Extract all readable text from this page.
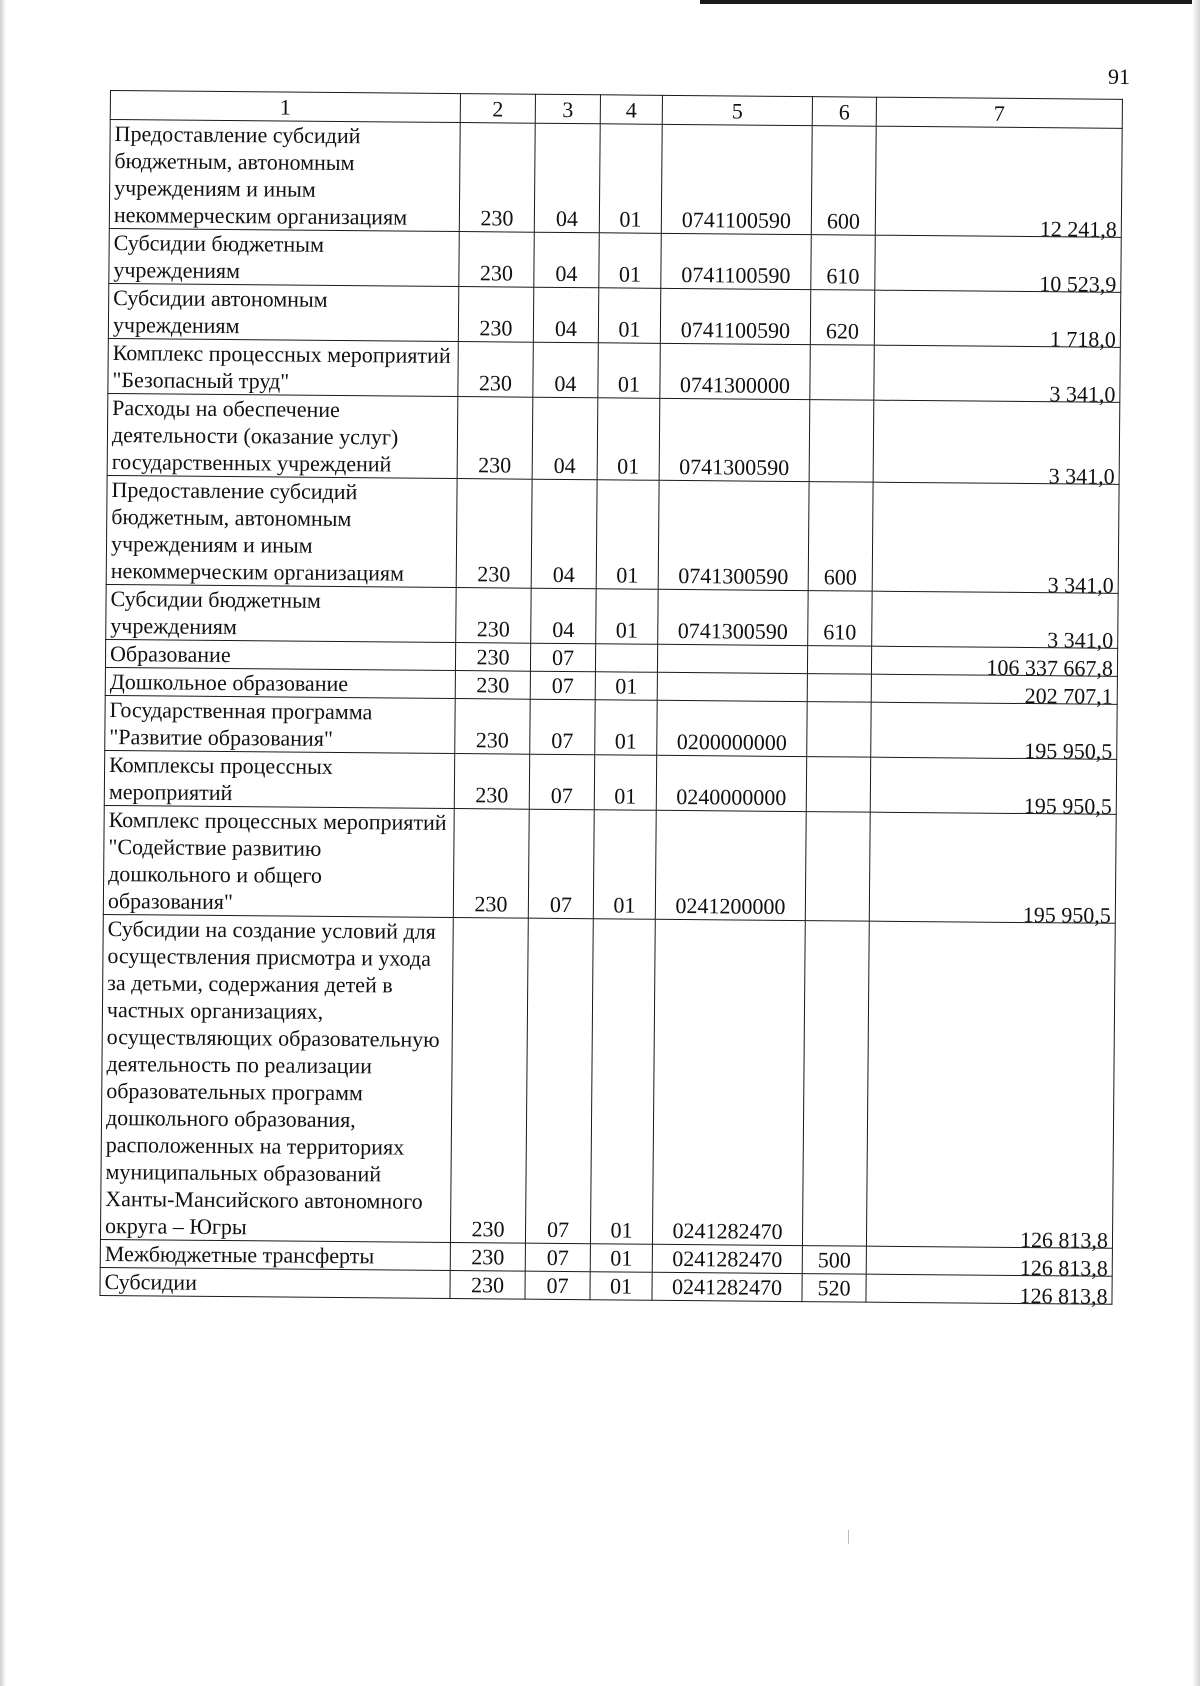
91
1	2	3	4	5	6	7
Предоставление субсидий бюджетным, автономным учреждениям и иным некоммерческим организациям	230	04	01	0741100590	600	12 241,8
Субсидии бюджетным учреждениям	230	04	01	0741100590	610	10 523,9
Субсидии автономным учреждениям	230	04	01	0741100590	620	1 718,0
Комплекс процессных мероприятий "Безопасный труд"	230	04	01	0741300000		3 341,0
Расходы на обеспечение деятельности (оказание услуг) государственных учреждений	230	04	01	0741300590		3 341,0
Предоставление субсидий бюджетным, автономным учреждениям и иным некоммерческим организациям	230	04	01	0741300590	600	3 341,0
Субсидии бюджетным учреждениям	230	04	01	0741300590	610	3 341,0
Образование	230	07				106 337 667,8
Дошкольное образование	230	07	01			202 707,1
Государственная программа "Развитие образования"	230	07	01	0200000000		195 950,5
Комплексы процессных мероприятий	230	07	01	0240000000		195 950,5
Комплекс процессных мероприятий "Содействие развитию дошкольного и общего образования"	230	07	01	0241200000		195 950,5
Субсидии на создание условий для осуществления присмотра и ухода за детьми, содержания детей в частных организациях, осуществляющих образовательную деятельность по реализации образовательных программ дошкольного образования, расположенных на территориях муниципальных образований Ханты-Мансийского автономного округа – Югры	230	07	01	0241282470		126 813,8
Межбюджетные трансферты	230	07	01	0241282470	500	126 813,8
Субсидии	230	07	01	0241282470	520	126 813,8
